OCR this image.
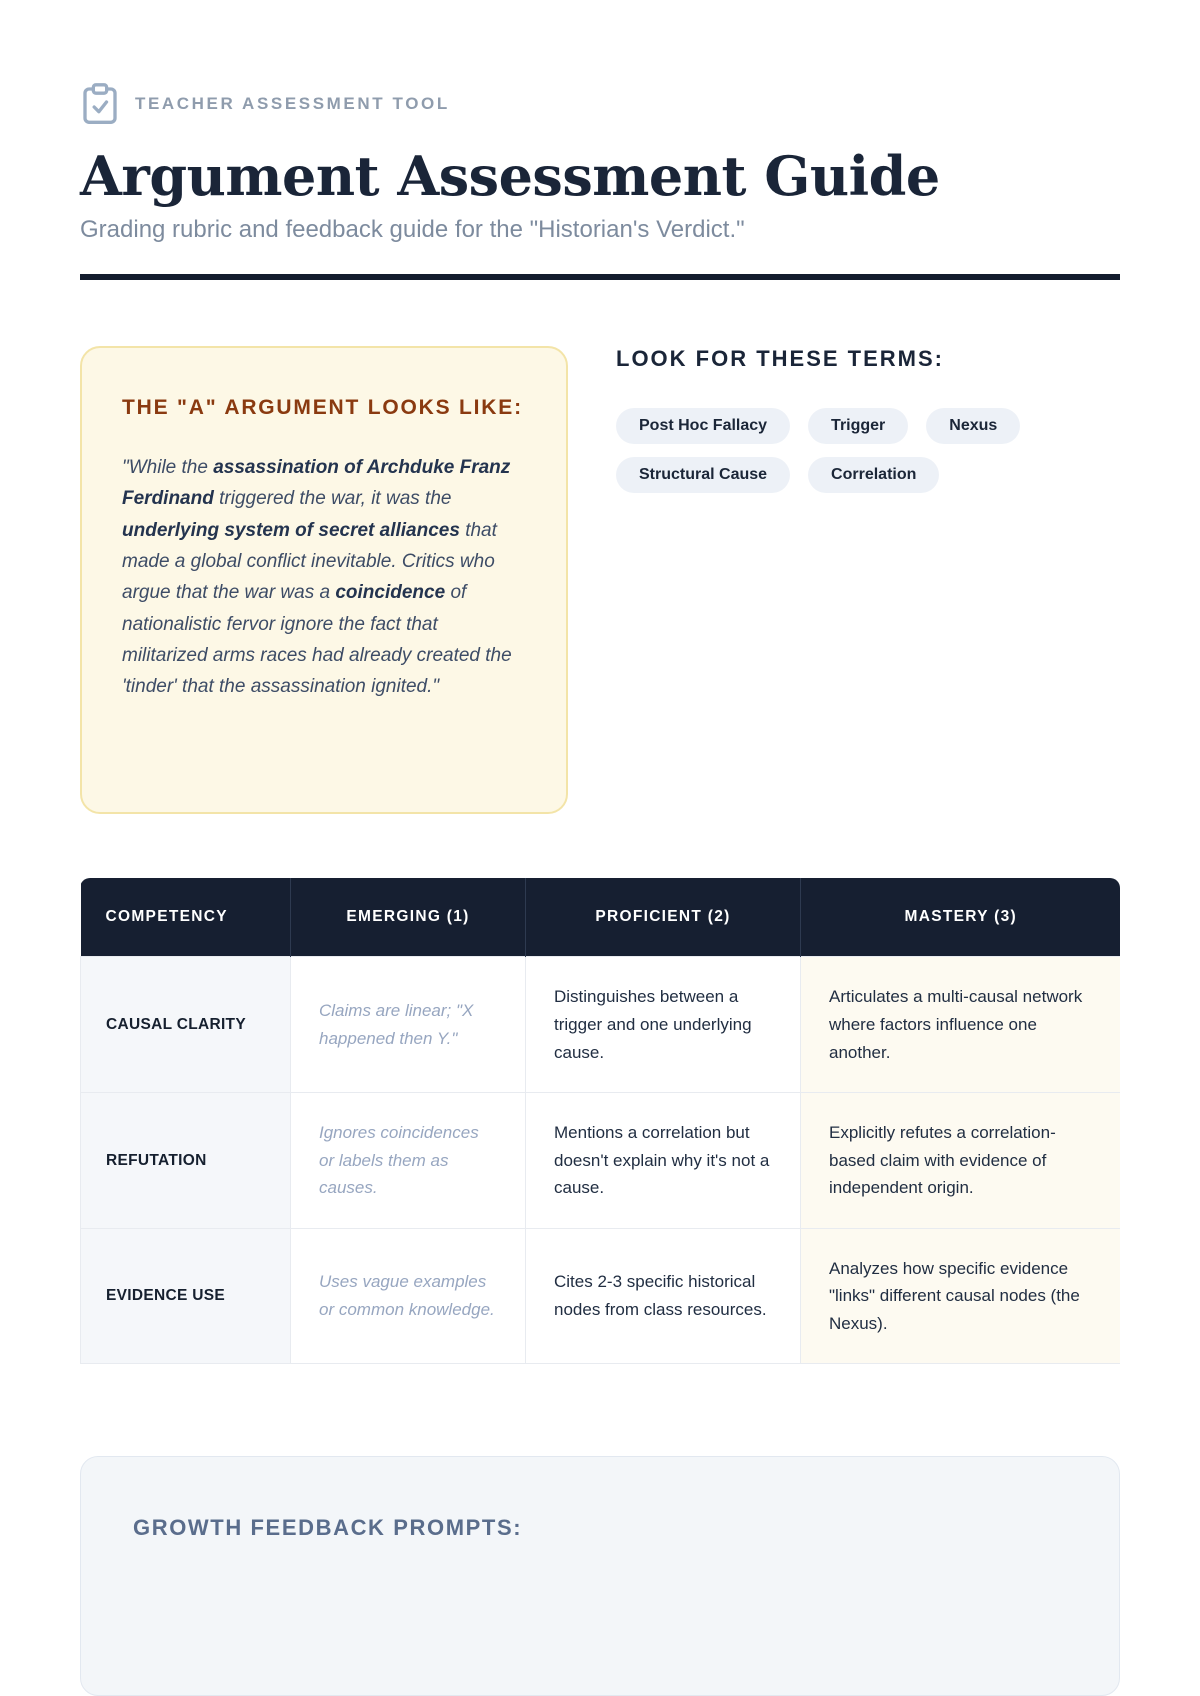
TEACHER ASSESSMENT TOOL
Argument Assessment Guide

Grading rubric and feedback guide for the "Historian's Verdict."

THE "A" ARGUMENT LOOKS LIKE:

"While the assassination of Archduke Franz Ferdinand triggered the war, it was the underlying system of secret alliances that made a global conflict inevitable. Critics who argue that the war was a coincidence of nationalistic fervor ignore the fact that militarized arms races had already created the 'tinder' that the assassination ignited."

LOOK FOR THESE TERMS:
Post Hoc Fallacy	Trigger	Nexus
Structural Cause	Correlation
COMPETENCY	EMERGING (1)	PROFICIENT (2)	MASTERY (3)
CAUSAL CLARITY	Claims are linear; "X happened then Y."	Distinguishes between a trigger and one underlying cause.	Articulates a multi-causal network where factors influence one another.
REFUTATION	Ignores coincidences or labels them as causes.	Mentions a correlation but doesn't explain why it's not a cause.	Explicitly refutes a correlation-based claim with evidence of independent origin.
EVIDENCE USE	Uses vague examples or common knowledge.	Cites 2-3 specific historical nodes from class resources.	Analyzes how specific evidence "links" different causal nodes (the Nexus).
GROWTH FEEDBACK PROMPTS:
